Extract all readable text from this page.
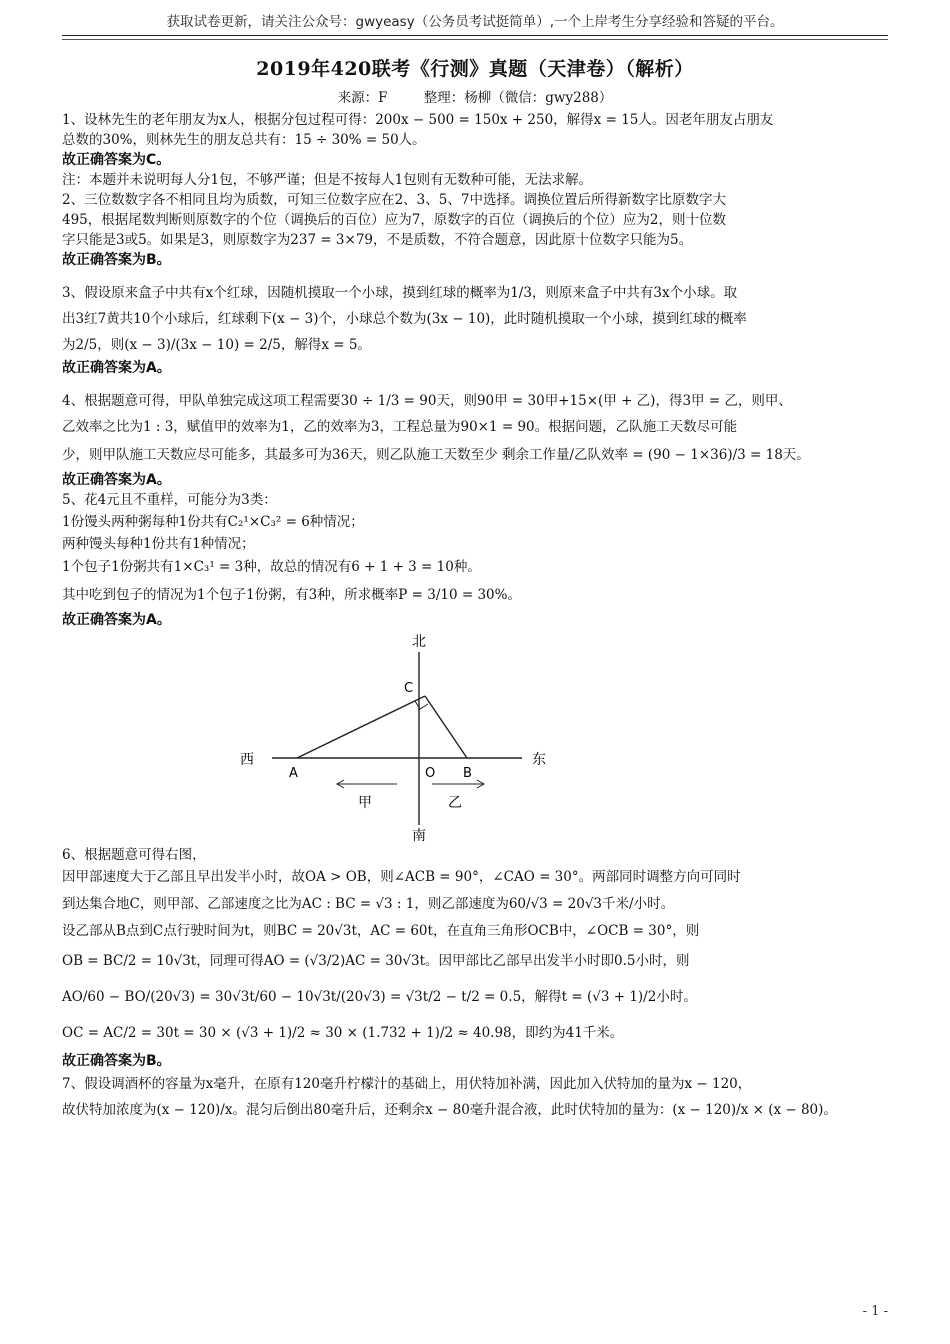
获取试卷更新，请关注公众号：gwyeasy（公务员考试挺简单）,一个上岸考生分享经验和答疑的平台。
2019年420联考《行测》真题（天津卷）（解析）
来源：F	整理：杨柳（微信：gwy288）
1、设林先生的老年朋友为x人，根据分包过程可得：200x − 500 = 150x + 250，解得x = 15人。因老年朋友占朋友
总数的30%，则林先生的朋友总共有：15 ÷ 30% = 50人。
故正确答案为C。
注：本题并未说明每人分1包，不够严谨；但是不按每人1包则有无数种可能，无法求解。
2、三位数数字各不相同且均为质数，可知三位数字应在2、3、5、7中选择。调换位置后所得新数字比原数字大
495，根据尾数判断则原数字的个位（调换后的百位）应为7，原数字的百位（调换后的个位）应为2，则十位数
字只能是3或5。如果是3，则原数字为237 = 3×79，不是质数，不符合题意，因此原十位数字只能为5。
故正确答案为B。
3、假设原来盒子中共有x个红球，因随机摸取一个小球，摸到红球的概率为1/3，则原来盒子中共有3x个小球。取
出3红7黄共10个小球后，红球剩下(x − 3)个，小球总个数为(3x − 10)，此时随机摸取一个小球，摸到红球的概率
为2/5，则(x − 3)/(3x − 10) = 2/5，解得x = 5。
故正确答案为A。
4、根据题意可得，甲队单独完成这项工程需要30 ÷ 1/3 = 90天，则90甲 = 30甲+15×(甲 + 乙)，得3甲 = 乙，则甲、
乙效率之比为1 : 3，赋值甲的效率为1，乙的效率为3，工程总量为90×1 = 90。根据问题，乙队施工天数尽可能
少，则甲队施工天数应尽可能多，其最多可为36天，则乙队施工天数至少 剩余工作量/乙队效率 = (90 − 1×36)/3 = 18天。
故正确答案为A。
5、花4元且不重样，可能分为3类：
1份馒头两种粥每种1份共有C₂¹×C₃² = 6种情况；
两种馒头每种1份共有1种情况；
1个包子1份粥共有1×C₃¹ = 3种，故总的情况有6 + 1 + 3 = 10种。
其中吃到包子的情况为1个包子1份粥，有3种，所求概率P = 3/10 = 30%。
故正确答案为A。
北
南
西	东
A	B
C
O
甲	乙
6、根据题意可得右图，
因甲部速度大于乙部且早出发半小时，故OA > OB，则∠ACB = 90°，∠CAO = 30°。两部同时调整方向可同时
到达集合地C，则甲部、乙部速度之比为AC : BC = √3 : 1，则乙部速度为60/√3 = 20√3千米/小时。
设乙部从B点到C点行驶时间为t，则BC = 20√3t，AC = 60t，在直角三角形OCB中，∠OCB = 30°，则
OB = BC/2 = 10√3t，同理可得AO = (√3/2)AC = 30√3t。因甲部比乙部早出发半小时即0.5小时，则
AO/60 − BO/(20√3) = 30√3t/60 − 10√3t/(20√3) = √3t/2 − t/2 = 0.5，解得t = (√3 + 1)/2小时。
OC = AC/2 = 30t = 30 × (√3 + 1)/2 ≈ 30 × (1.732 + 1)/2 ≈ 40.98，即约为41千米。
故正确答案为B。
7、假设调酒杯的容量为x毫升，在原有120毫升柠檬汁的基础上，用伏特加补满，因此加入伏特加的量为x − 120，
故伏特加浓度为(x − 120)/x。混匀后倒出80毫升后，还剩余x − 80毫升混合液，此时伏特加的量为：(x − 120)/x × (x − 80)。
- 1 -
